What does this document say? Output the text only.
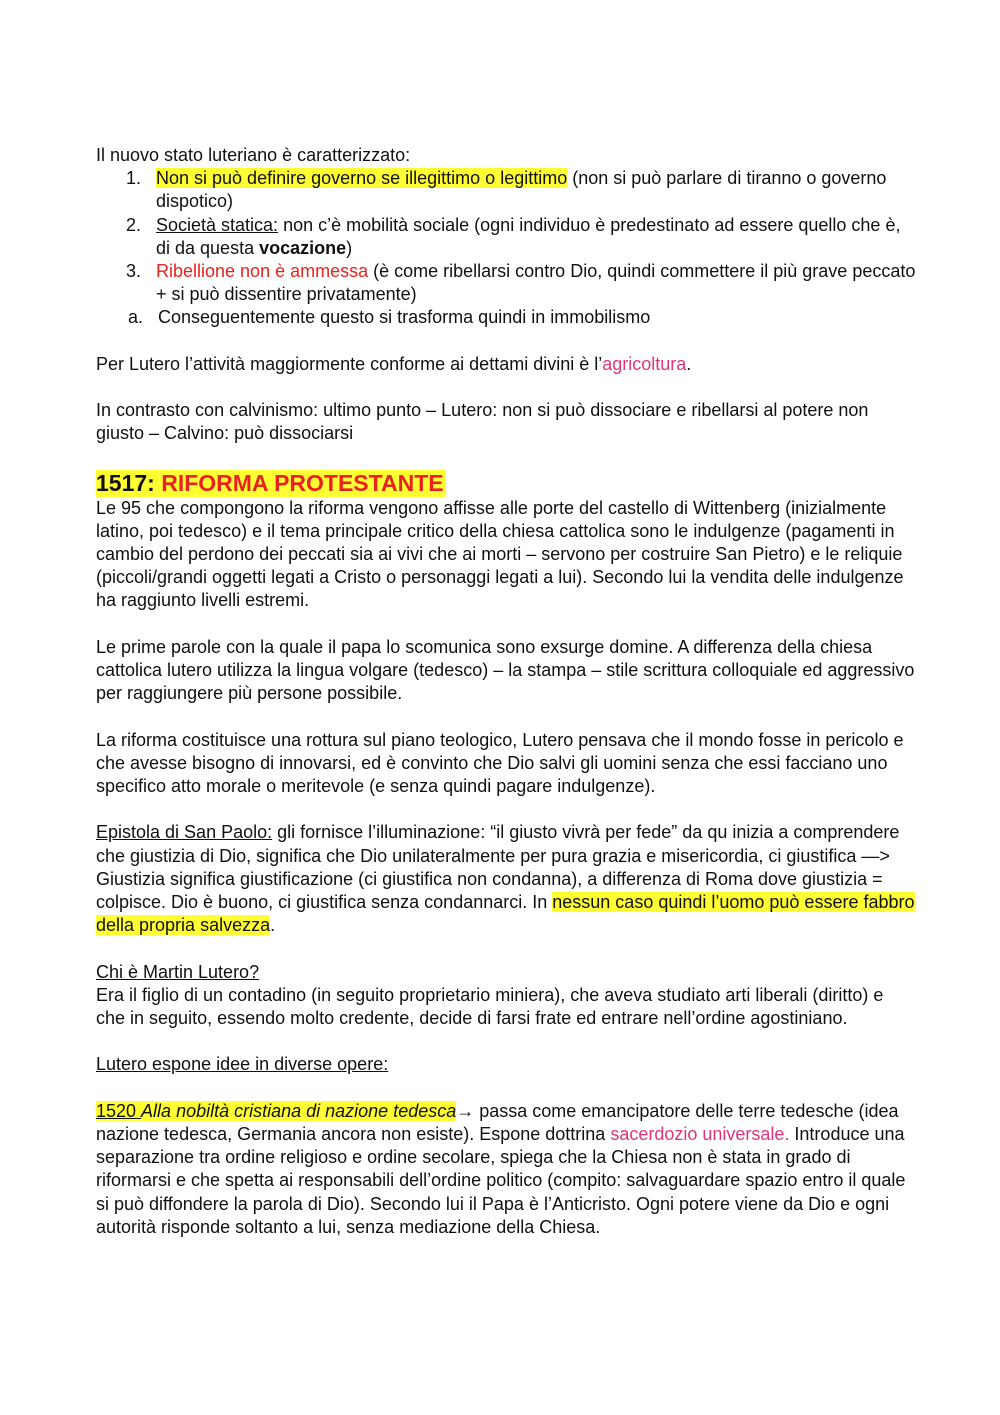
Il nuovo stato luteriano è caratterizzato:

1. Non si può definire governo se illegittimo o legittimo (non si può parlare di tiranno o governo dispotico)
2. Società statica: non c’è mobilità sociale (ogni individuo è predestinato ad essere quello che è, di da questa vocazione)
3. Ribellione non è ammessa (è come ribellarsi contro Dio, quindi commettere il più grave peccato + si può dissentire privatamente)
a. Conseguentemente questo si trasforma quindi in immobilismo

Per Lutero l’attività maggiormente conforme ai dettami divini è l’agricoltura.

In contrasto con calvinismo: ultimo punto – Lutero: non si può dissociare e ribellarsi al potere non giusto – Calvino: può dissociarsi

1517: RIFORMA PROTESTANTE

Le 95 che compongono la riforma vengono affisse alle porte del castello di Wittenberg (inizialmente latino, poi tedesco) e il tema principale critico della chiesa cattolica sono le indulgenze (pagamenti in cambio del perdono dei peccati sia ai vivi che ai morti – servono per costruire San Pietro) e le reliquie (piccoli/grandi oggetti legati a Cristo o personaggi legati a lui). Secondo lui la vendita delle indulgenze ha raggiunto livelli estremi.

Le prime parole con la quale il papa lo scomunica sono exsurge domine. A differenza della chiesa cattolica lutero utilizza la lingua volgare (tedesco) – la stampa – stile scrittura colloquiale ed aggressivo per raggiungere più persone possibile.

La riforma costituisce una rottura sul piano teologico, Lutero pensava che il mondo fosse in pericolo e che avesse bisogno di innovarsi, ed è convinto che Dio salvi gli uomini senza che essi facciano uno specifico atto morale o meritevole (e senza quindi pagare indulgenze).

Epistola di San Paolo: gli fornisce l’illuminazione: “il giusto vivrà per fede” da qu inizia a comprendere che giustizia di Dio, significa che Dio unilateralmente per pura grazia e misericordia, ci giustifica —> Giustizia significa giustificazione (ci giustifica non condanna), a differenza di Roma dove giustizia = colpisce. Dio è buono, ci giustifica senza condannarci. In nessun caso quindi l’uomo può essere fabbro della propria salvezza.

Chi è Martin Lutero?

Era il figlio di un contadino (in seguito proprietario miniera), che aveva studiato arti liberali (diritto) e che in seguito, essendo molto credente, decide di farsi frate ed entrare nell’ordine agostiniano.

Lutero espone idee in diverse opere:

1520 Alla nobiltà cristiana di nazione tedesca→ passa come emancipatore delle terre tedesche (idea nazione tedesca, Germania ancora non esiste). Espone dottrina sacerdozio universale. Introduce una separazione tra ordine religioso e ordine secolare, spiega che la Chiesa non è stata in grado di riformarsi e che spetta ai responsabili dell’ordine politico (compito: salvaguardare spazio entro il quale si può diffondere la parola di Dio). Secondo lui il Papa è l’Anticristo. Ogni potere viene da Dio e ogni autorità risponde soltanto a lui, senza mediazione della Chiesa.
